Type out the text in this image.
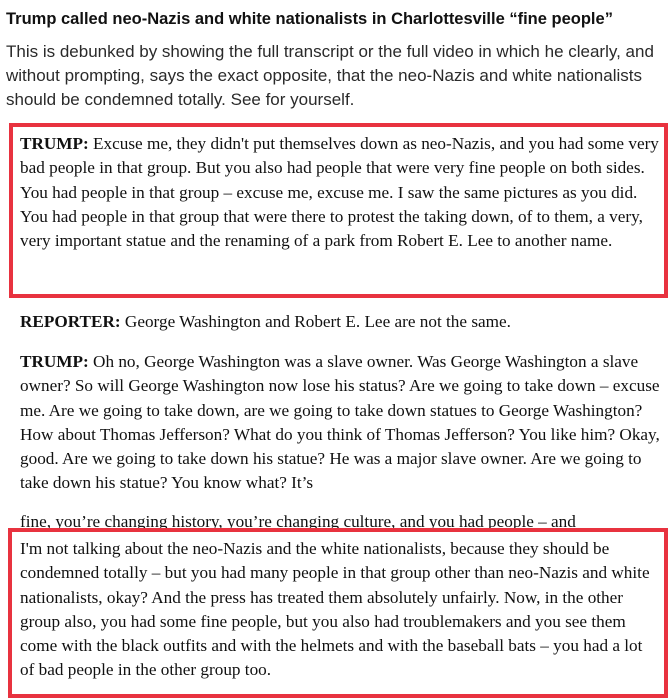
Trump called neo-Nazis and white nationalists in Charlottesville “fine people”
This is debunked by showing the full transcript or the full video in which he clearly, and without prompting, says the exact opposite, that the neo-Nazis and white nationalists should be condemned totally. See for yourself.

TRUMP: Excuse me, they didn't put themselves down as neo-Nazis, and you had some very bad people in that group. But you also had people that were very fine people on both sides. You had people in that group – excuse me, excuse me. I saw the same pictures as you did. You had people in that group that were there to protest the taking down, of to them, a very, very important statue and the renaming of a park from Robert E. Lee to another name.

REPORTER: George Washington and Robert E. Lee are not the same.

TRUMP: Oh no, George Washington was a slave owner. Was George Washington a slave owner? So will George Washington now lose his status? Are we going to take down – excuse me. Are we going to take down, are we going to take down statues to George Washington? How about Thomas Jefferson? What do you think of Thomas Jefferson? You like him? Okay, good. Are we going to take down his statue? He was a major slave owner. Are we going to take down his statue? You know what? It’s

fine, you’re changing history, you’re changing culture, and you had people – and

I'm not talking about the neo-Nazis and the white nationalists, because they should be condemned totally – but you had many people in that group other than neo-Nazis and white nationalists, okay? And the press has treated them absolutely unfairly. Now, in the other group also, you had some fine people, but you also had troublemakers and you see them come with the black outfits and with the helmets and with the baseball bats – you had a lot of bad people in the other group too.
